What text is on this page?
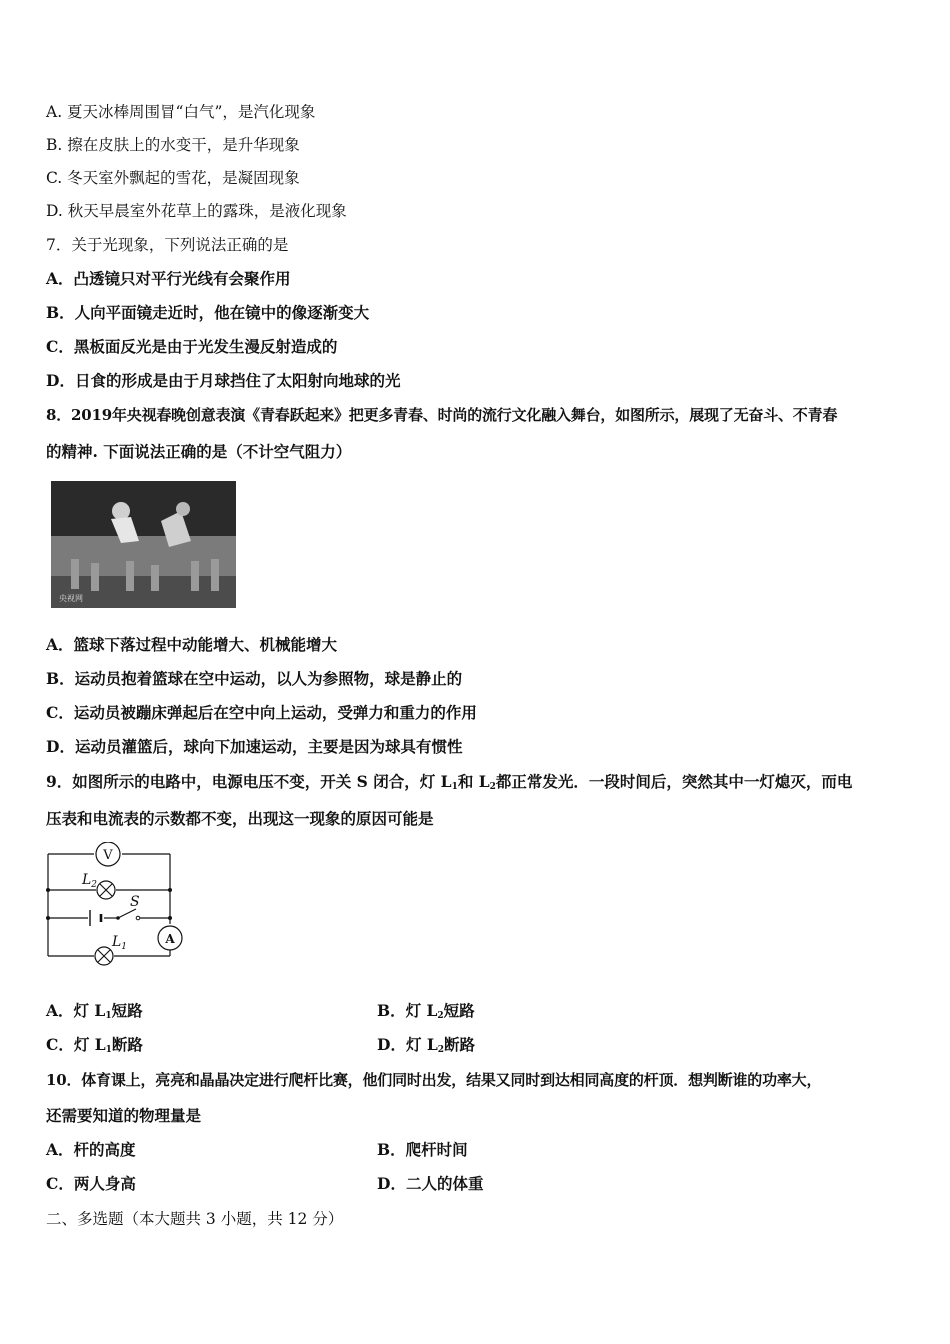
A. 夏天冰棒周围冒“白气”，是汽化现象
B. 擦在皮肤上的水变干，是升华现象
C. 冬天室外飘起的雪花，是凝固现象
D. 秋天早晨室外花草上的露珠，是液化现象
7．关于光现象，下列说法正确的是
A．凸透镜只对平行光线有会聚作用
B．人向平面镜走近时，他在镜中的像逐渐变大
C．黑板面反光是由于光发生漫反射造成的
D．日食的形成是由于月球挡住了太阳射向地球的光
8．2019年央视春晚创意表演《青春跃起来》把更多青春、时尚的流行文化融入舞台，如图所示，展现了无奋斗、不青春
的精神. 下面说法正确的是（不计空气阻力）
央视网
A．篮球下落过程中动能增大、机械能增大
B．运动员抱着篮球在空中运动，以人为参照物，球是静止的
C．运动员被蹦床弹起后在空中向上运动，受弹力和重力的作用
D．运动员灌篮后，球向下加速运动，主要是因为球具有惯性
9．如图所示的电路中，电源电压不变，开关 S 闭合，灯 $L_1$和 $L_2$都正常发光．一段时间后，突然其中一灯熄灭，而电
压表和电流表的示数都不变，出现这一现象的原因可能是
V
A
$L_2$
$L_1$
S
A．灯 $L_1$短路	B．灯 $L_2$短路
C．灯 $L_1$断路	D．灯 $L_2$断路
10．体育课上，亮亮和晶晶决定进行爬杆比赛，他们同时出发，结果又同时到达相同高度的杆顶．想判断谁的功率大，
还需要知道的物理量是
A．杆的高度	B．爬杆时间
C．两人身高	D．二人的体重
二、多选题（本大题共 3 小题，共 12 分）
